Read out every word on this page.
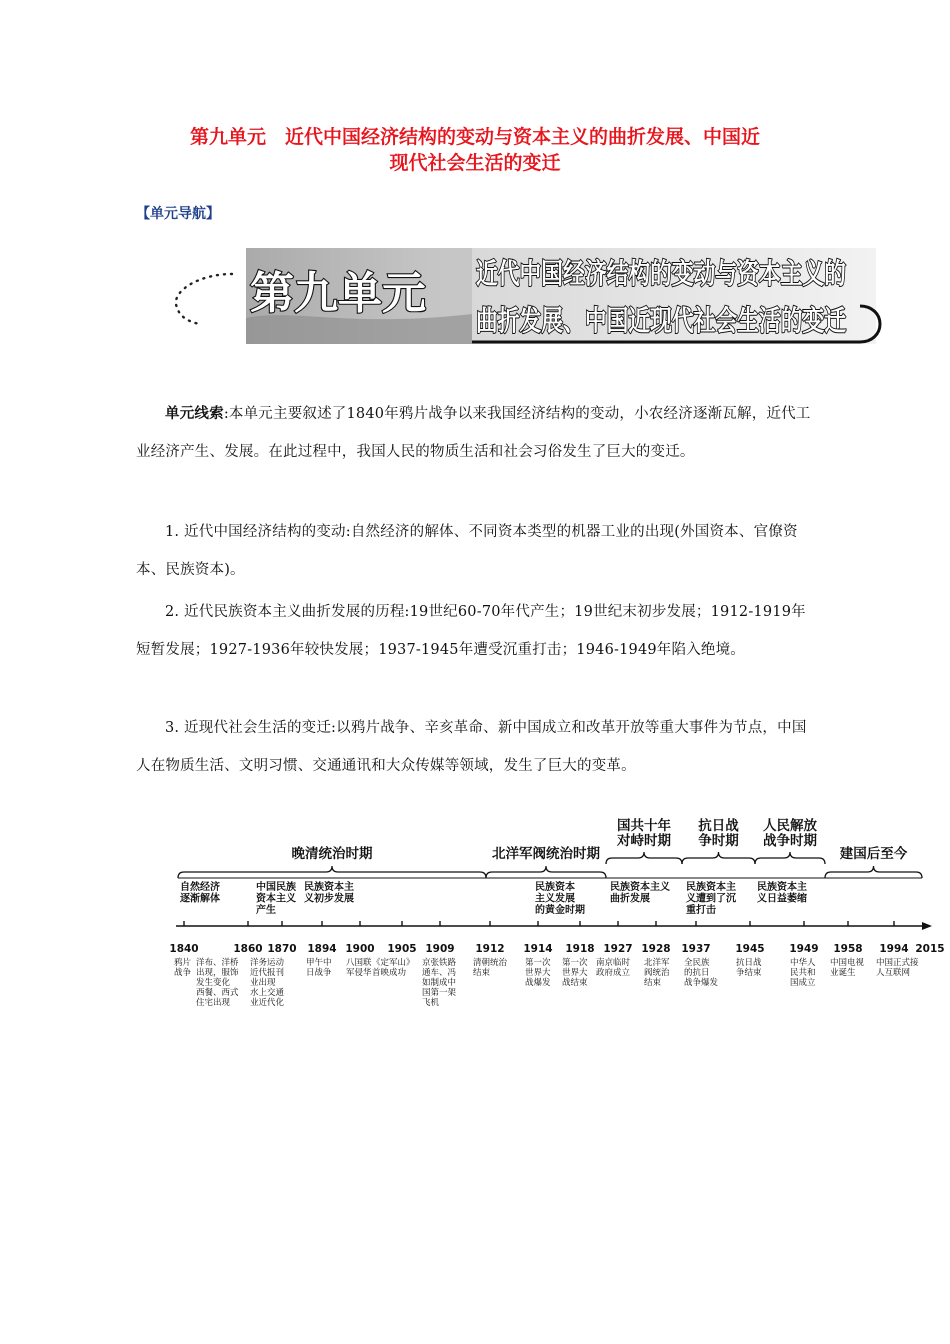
第九单元　近代中国经济结构的变动与资本主义的曲折发展、中国近
现代社会生活的变迁
【单元导航】
第九单元 近代中国经济结构的变动与资本主义的
曲折发展、中国近现代社会生活的变迁

单元线索:本单元主要叙述了1840年鸦片战争以来我国经济结构的变动，小农经济逐渐瓦解，近代工业经济产生、发展。在此过程中，我国人民的物质生活和社会习俗发生了巨大的变迁。

1. 近代中国经济结构的变动:自然经济的解体、不同资本类型的机器工业的出现(外国资本、官僚资本、民族资本)。

2. 近代民族资本主义曲折发展的历程:19世纪60-70年代产生；19世纪末初步发展；1912-1919年短暂发展；1927-1936年较快发展；1937-1945年遭受沉重打击；1946-1949年陷入绝境。

3. 近现代社会生活的变迁:以鸦片战争、辛亥革命、新中国成立和改革开放等重大事件为节点，中国人在物质生活、文明习惯、交通通讯和大众传媒等领域，发生了巨大的变革。

晚清统治时期	北洋军阀统治时期
国共十年
对峙时期
抗日战
争时期
人民解放
战争时期
建国后至今
自然经济
逐渐解体
中国民族
资本主义
产生
民族资本主
义初步发展
民族资本
主义发展
的黄金时期
民族资本主义
曲折发展
民族资本主
义遭到了沉
重打击
民族资本主
义日益萎缩
1840	1860 1870 1894 1900 1905 1909 1912 1914 1918 1927 1928 1937 1945 1949 1958 1994 2015
鸦片
战争
洋布、洋桥
出现，服饰
发生变化
西餐、西式
住宅出现
洋务运动
近代报刊
业出现
水上交通
业近代化
甲午中
日战争
八国联
军侵华
《定军山》
首映成功
京张铁路
通车、冯
如制成中
国第一架
飞机
清朝统治
结束
第一次
世界大
战爆发
第一次
世界大
战结束
南京临时
政府成立
北洋军
阀统治
结束
全民族
的抗日
战争爆发
抗日战
争结束
中华人
民共和
国成立
中国电视
业诞生
中国正式接
人互联网
